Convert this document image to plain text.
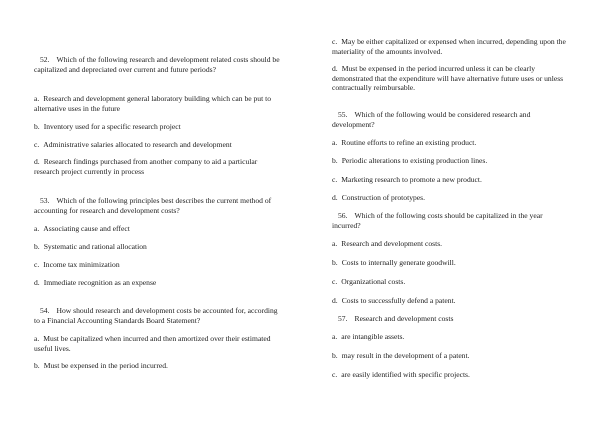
52. Which of the following research and development related costs should be capitalized and depreciated over current and future periods?

a. Research and development general laboratory building which can be put to alternative uses in the future

b. Inventory used for a specific research project

c. Administrative salaries allocated to research and development

d. Research findings purchased from another company to aid a particular research project currently in process

53. Which of the following principles best describes the current method of accounting for research and development costs?

a. Associating cause and effect

b. Systematic and rational allocation

c. Income tax minimization

d. Immediate recognition as an expense

54. How should research and development costs be accounted for, according to a Financial Accounting Standards Board Statement?

a. Must be capitalized when incurred and then amortized over their estimated useful lives.

b. Must be expensed in the period incurred.

c. May be either capitalized or expensed when incurred, depending upon the materiality of the amounts involved.

d. Must be expensed in the period incurred unless it can be clearly demonstrated that the expenditure will have alternative future uses or unless contractually reimbursable.

55. Which of the following would be considered research and development?

a. Routine efforts to refine an existing product.

b. Periodic alterations to existing production lines.

c. Marketing research to promote a new product.

d. Construction of prototypes.

56. Which of the following costs should be capitalized in the year incurred?

a. Research and development costs.

b. Costs to internally generate goodwill.

c. Organizational costs.

d. Costs to successfully defend a patent.

57. Research and development costs

a. are intangible assets.

b. may result in the development of a patent.

c. are easily identified with specific projects.
